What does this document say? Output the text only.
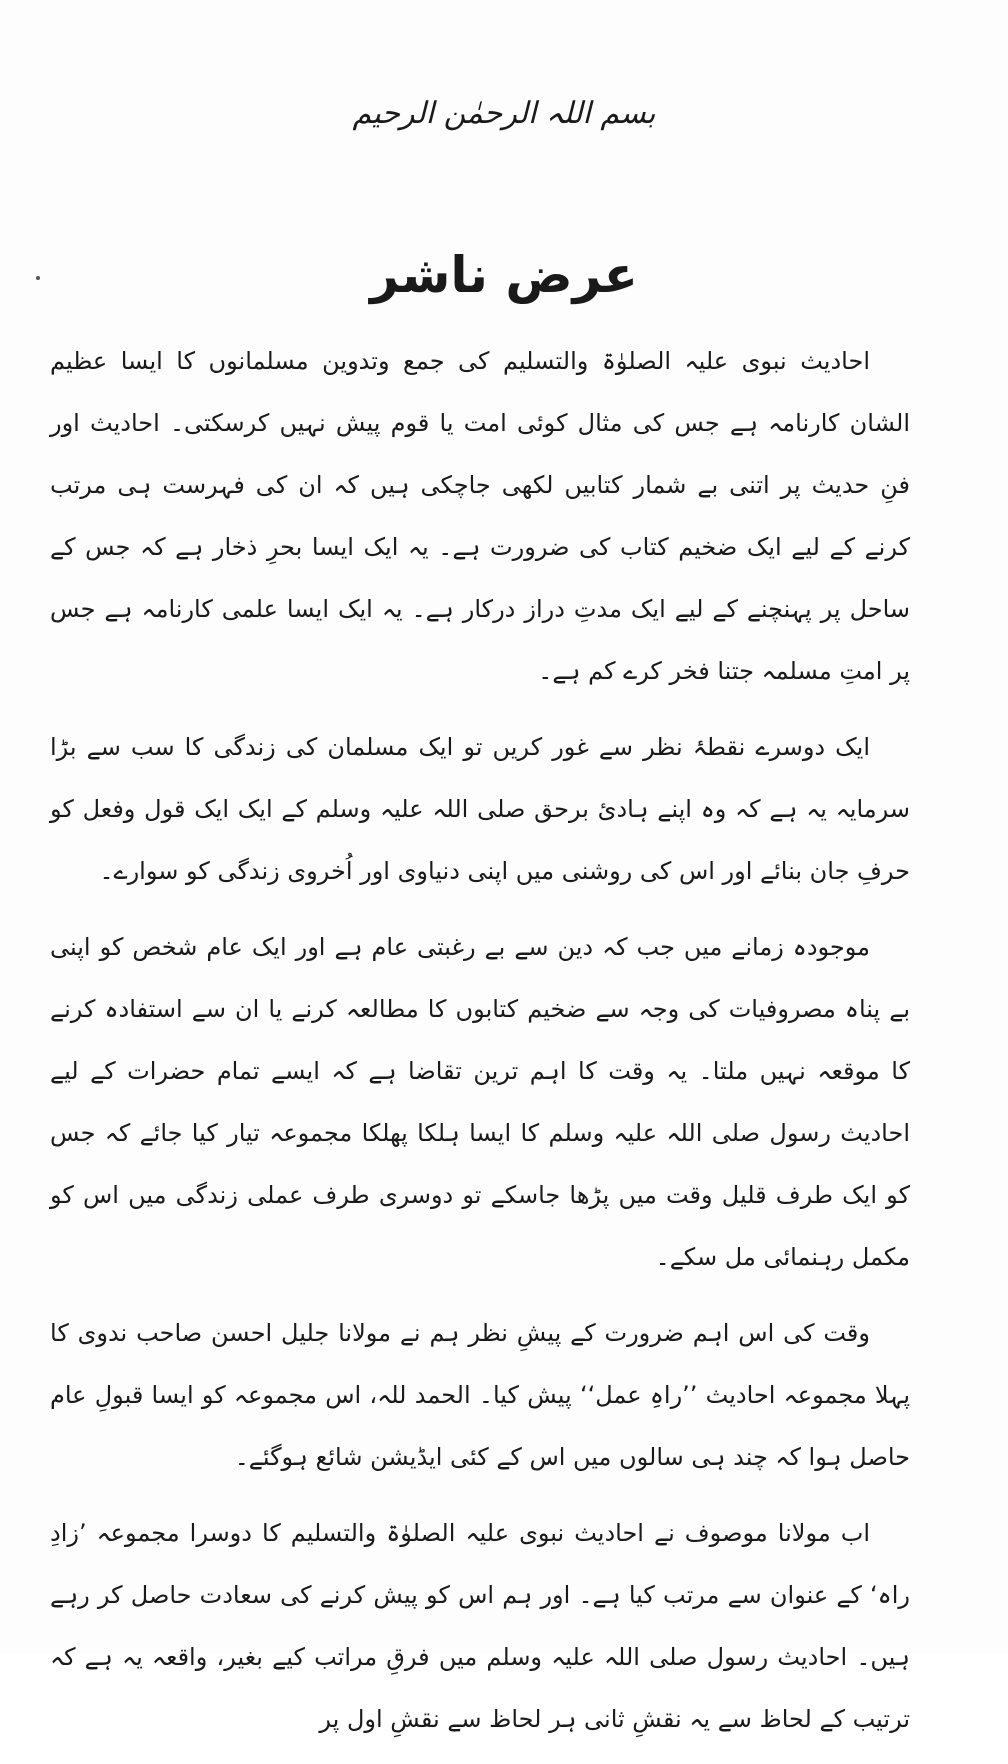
بسم اللہ الرحمٰن الرحیم
عرض ناشر

احادیث نبوی علیہ الصلوٰۃ والتسلیم کی جمع وتدوین مسلمانوں کا ایسا عظیم الشان کارنامہ ہے جس کی مثال کوئی امت یا قوم پیش نہیں کرسکتی۔ احادیث اور فنِ حدیث پر اتنی بے شمار کتابیں لکھی جاچکی ہیں کہ ان کی فہرست ہی مرتب کرنے کے لیے ایک ضخیم کتاب کی ضرورت ہے۔ یہ ایک ایسا بحرِ ذخار ہے کہ جس کے ساحل پر پہنچنے کے لیے ایک مدتِ دراز درکار ہے۔ یہ ایک ایسا علمی کارنامہ ہے جس پر امتِ مسلمہ جتنا فخر کرے کم ہے۔

ایک دوسرے نقطۂ نظر سے غور کریں تو ایک مسلمان کی زندگی کا سب سے بڑا سرمایہ یہ ہے کہ وہ اپنے ہادیٔ برحق صلی اللہ علیہ وسلم کے ایک ایک قول وفعل کو حرفِ جان بنائے اور اس کی روشنی میں اپنی دنیاوی اور اُخروی زندگی کو سوارے۔

موجودہ زمانے میں جب کہ دین سے بے رغبتی عام ہے اور ایک عام شخص کو اپنی بے پناہ مصروفیات کی وجہ سے ضخیم کتابوں کا مطالعہ کرنے یا ان سے استفادہ کرنے کا موقعہ نہیں ملتا۔ یہ وقت کا اہم ترین تقاضا ہے کہ ایسے تمام حضرات کے لیے احادیث رسول صلی اللہ علیہ وسلم کا ایسا ہلکا پھلکا مجموعہ تیار کیا جائے کہ جس کو ایک طرف قلیل وقت میں پڑھا جاسکے تو دوسری طرف عملی زندگی میں اس کو مکمل رہنمائی مل سکے۔

وقت کی اس اہم ضرورت کے پیشِ نظر ہم نے مولانا جلیل احسن صاحب ندوی کا پہلا مجموعہ احادیث ’’راہِ عمل‘‘ پیش کیا۔ الحمد للہ، اس مجموعہ کو ایسا قبولِ عام حاصل ہوا کہ چند ہی سالوں میں اس کے کئی ایڈیشن شائع ہوگئے۔

اب مولانا موصوف نے احادیث نبوی علیہ الصلوٰۃ والتسلیم کا دوسرا مجموعہ ’زادِ راہ‘ کے عنوان سے مرتب کیا ہے۔ اور ہم اس کو پیش کرنے کی سعادت حاصل کر رہے ہیں۔ احادیث رسول صلی اللہ علیہ وسلم میں فرقِ مراتب کیے بغیر، واقعہ یہ ہے کہ ترتیب کے لحاظ سے یہ نقشِ ثانی ہر لحاظ سے نقشِ اول پر
